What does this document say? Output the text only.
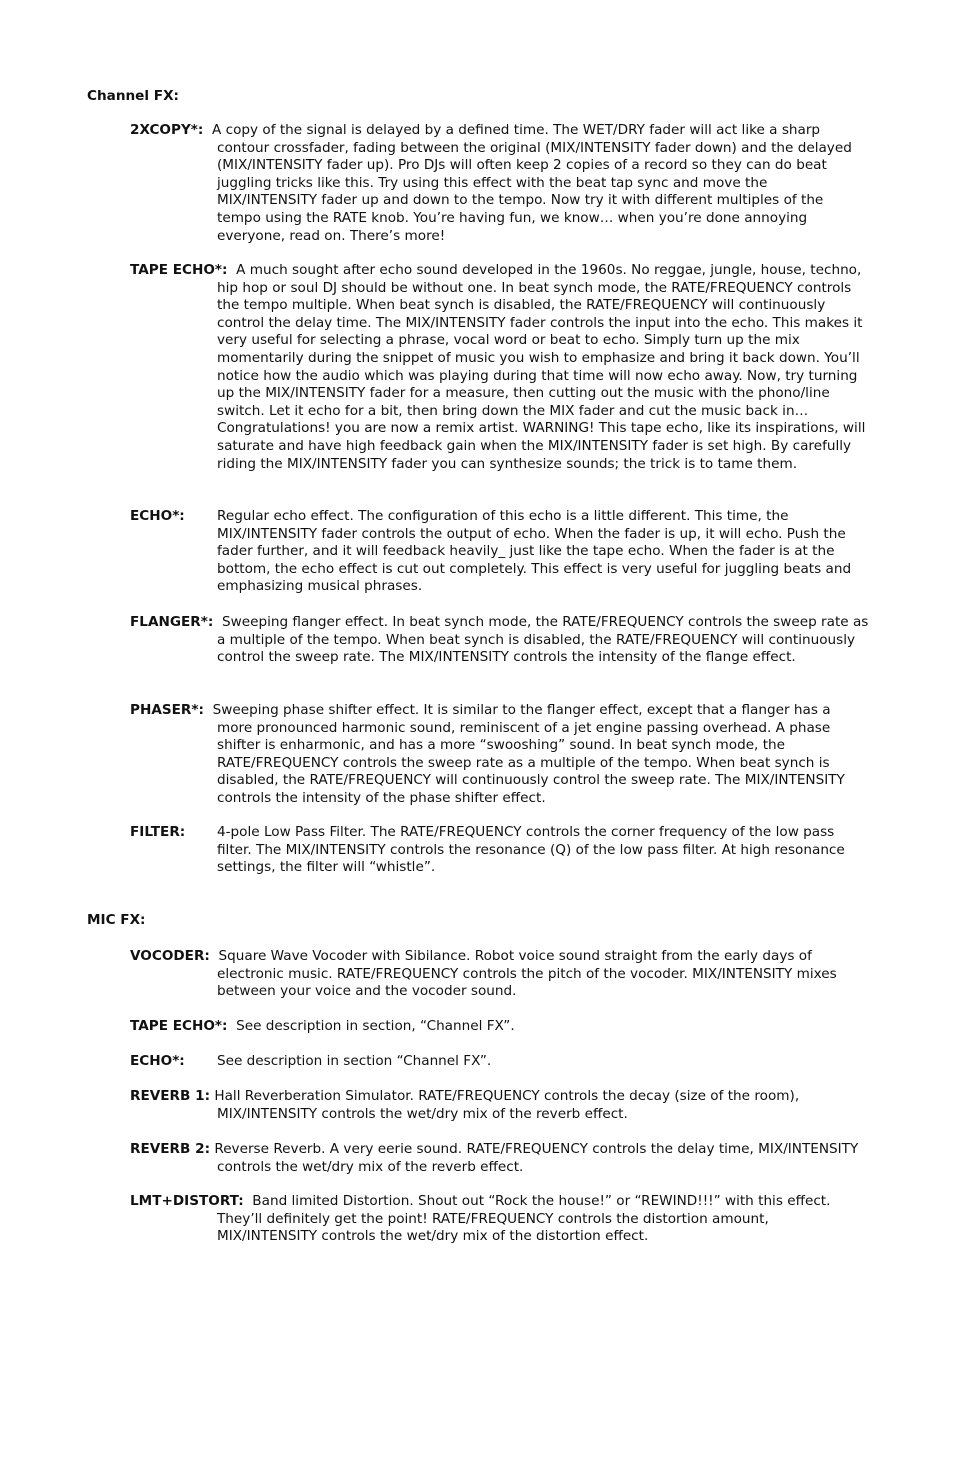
Channel FX:

2XCOPY*: A copy of the signal is delayed by a defined time. The WET/DRY fader will act like a sharp contour crossfader, fading between the original (MIX/INTENSITY fader down) and the delayed (MIX/INTENSITY fader up). Pro DJs will often keep 2 copies of a record so they can do beat juggling tricks like this. Try using this effect with the beat tap sync and move the MIX/INTENSITY fader up and down to the tempo. Now try it with different multiples of the tempo using the RATE knob. You’re having fun, we know… when you’re done annoying everyone, read on. There’s more!

TAPE ECHO*: A much sought after echo sound developed in the 1960s. No reggae, jungle, house, techno, hip hop or soul DJ should be without one. In beat synch mode, the RATE/FREQUENCY controls the tempo multiple. When beat synch is disabled, the RATE/FREQUENCY will continuously control the delay time. The MIX/INTENSITY fader controls the input into the echo. This makes it very useful for selecting a phrase, vocal word or beat to echo. Simply turn up the mix momentarily during the snippet of music you wish to emphasize and bring it back down. You’ll notice how the audio which was playing during that time will now echo away. Now, try turning up the MIX/INTENSITY fader for a measure, then cutting out the music with the phono/line switch. Let it echo for a bit, then bring down the MIX fader and cut the music back in… Congratulations! you are now a remix artist. WARNING! This tape echo, like its inspirations, will saturate and have high feedback gain when the MIX/INTENSITY fader is set high. By carefully riding the MIX/INTENSITY fader you can synthesize sounds; the trick is to tame them.

ECHO*: Regular echo effect. The configuration of this echo is a little different. This time, the MIX/INTENSITY fader controls the output of echo. When the fader is up, it will echo. Push the fader further, and it will feedback heavily_ just like the tape echo. When the fader is at the bottom, the echo effect is cut out completely. This effect is very useful for juggling beats and emphasizing musical phrases.

FLANGER*: Sweeping flanger effect. In beat synch mode, the RATE/FREQUENCY controls the sweep rate as a multiple of the tempo. When beat synch is disabled, the RATE/FREQUENCY will continuously control the sweep rate. The MIX/INTENSITY controls the intensity of the flange effect.

PHASER*: Sweeping phase shifter effect. It is similar to the flanger effect, except that a flanger has a more pronounced harmonic sound, reminiscent of a jet engine passing overhead. A phase shifter is enharmonic, and has a more “swooshing” sound. In beat synch mode, the RATE/FREQUENCY controls the sweep rate as a multiple of the tempo. When beat synch is disabled, the RATE/FREQUENCY will continuously control the sweep rate. The MIX/INTENSITY controls the intensity of the phase shifter effect.

FILTER: 4-pole Low Pass Filter. The RATE/FREQUENCY controls the corner frequency of the low pass filter. The MIX/INTENSITY controls the resonance (Q) of the low pass filter. At high resonance settings, the filter will “whistle”.

MIC FX:

VOCODER: Square Wave Vocoder with Sibilance. Robot voice sound straight from the early days of electronic music. RATE/FREQUENCY controls the pitch of the vocoder. MIX/INTENSITY mixes between your voice and the vocoder sound.

TAPE ECHO*: See description in section, “Channel FX”.

ECHO*: See description in section “Channel FX”.

REVERB 1: Hall Reverberation Simulator. RATE/FREQUENCY controls the decay (size of the room), MIX/INTENSITY controls the wet/dry mix of the reverb effect.

REVERB 2: Reverse Reverb. A very eerie sound. RATE/FREQUENCY controls the delay time, MIX/INTENSITY controls the wet/dry mix of the reverb effect.

LMT+DISTORT: Band limited Distortion. Shout out “Rock the house!” or “REWIND!!!” with this effect. They’ll definitely get the point! RATE/FREQUENCY controls the distortion amount, MIX/INTENSITY controls the wet/dry mix of the distortion effect.
